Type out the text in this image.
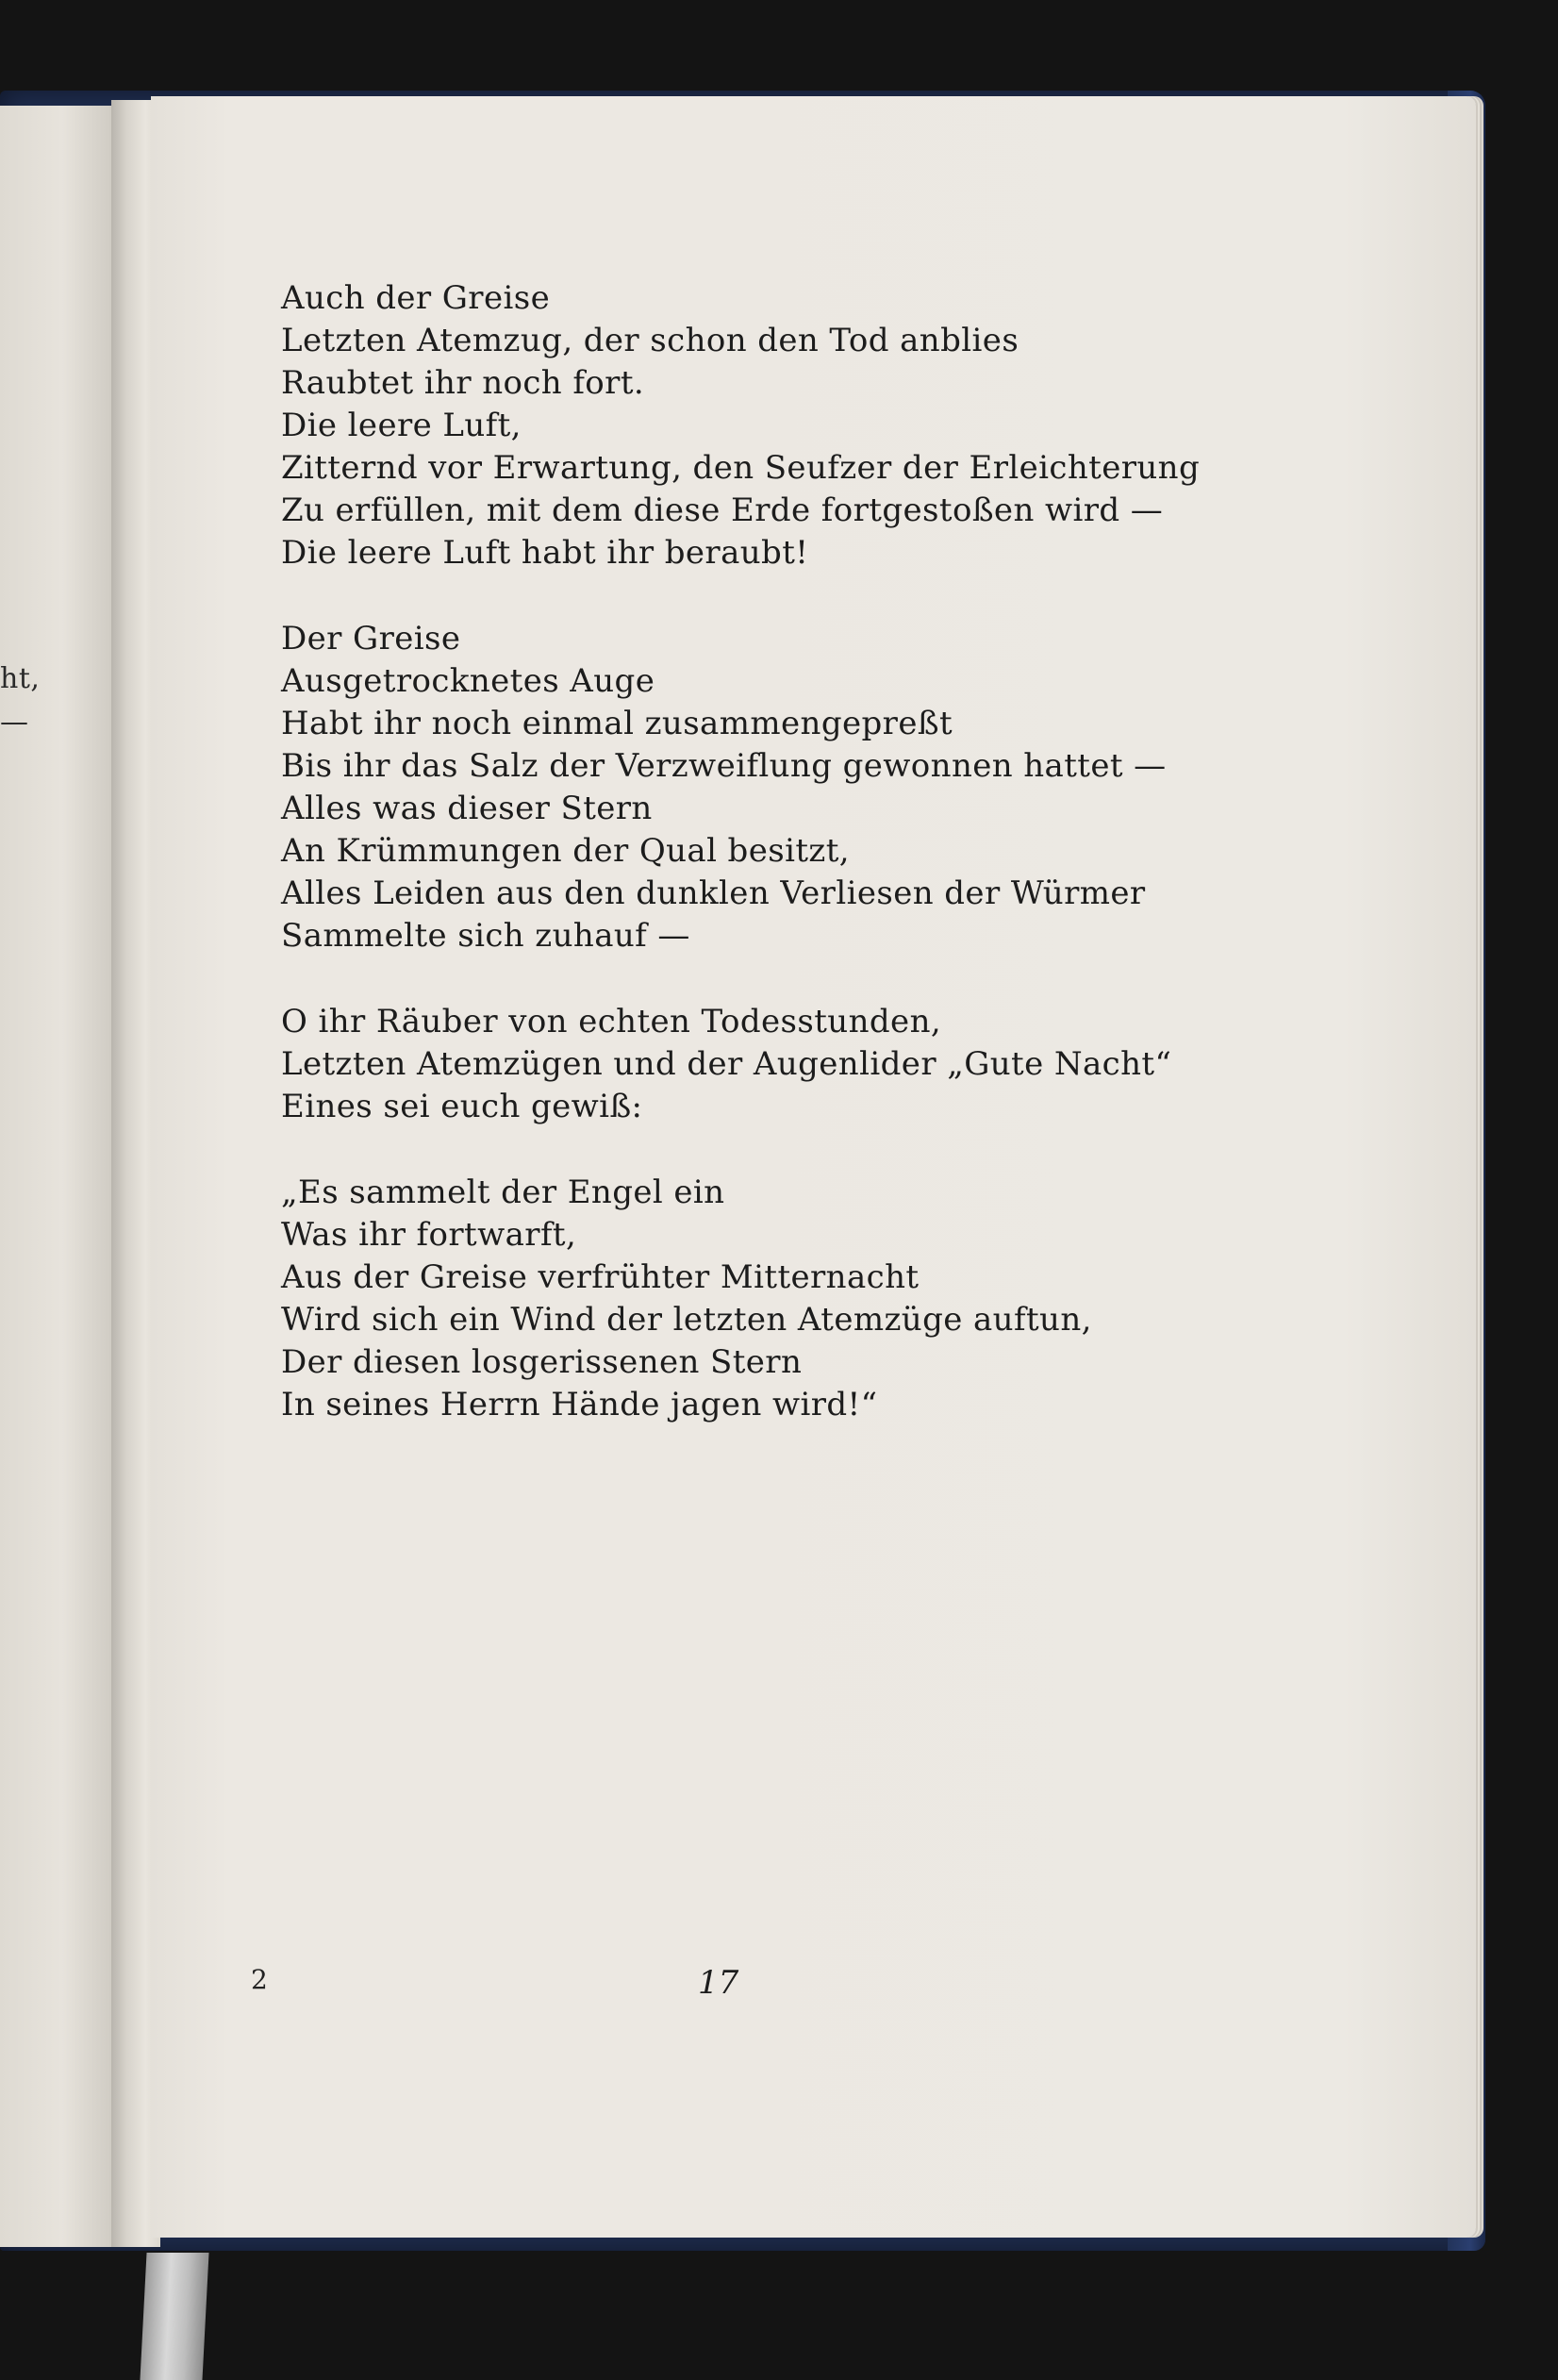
ht,
—
Auch der Greise
Letzten Atemzug, der schon den Tod anblies
Raubtet ihr noch fort.
Die leere Luft,
Zitternd vor Erwartung, den Seufzer der Erleichterung
Zu erfüllen, mit dem diese Erde fortgestoßen wird —
Die leere Luft habt ihr beraubt!
Der Greise
Ausgetrocknetes Auge
Habt ihr noch einmal zusammengepreßt
Bis ihr das Salz der Verzweiflung gewonnen hattet —
Alles was dieser Stern
An Krümmungen der Qual besitzt,
Alles Leiden aus den dunklen Verliesen der Würmer
Sammelte sich zuhauf —
O ihr Räuber von echten Todesstunden,
Letzten Atemzügen und der Augenlider „Gute Nacht“
Eines sei euch gewiß:
„Es sammelt der Engel ein
Was ihr fortwarft,
Aus der Greise verfrühter Mitternacht
Wird sich ein Wind der letzten Atemzüge auftun,
Der diesen losgerissenen Stern
In seines Herrn Hände jagen wird!“
17
2
